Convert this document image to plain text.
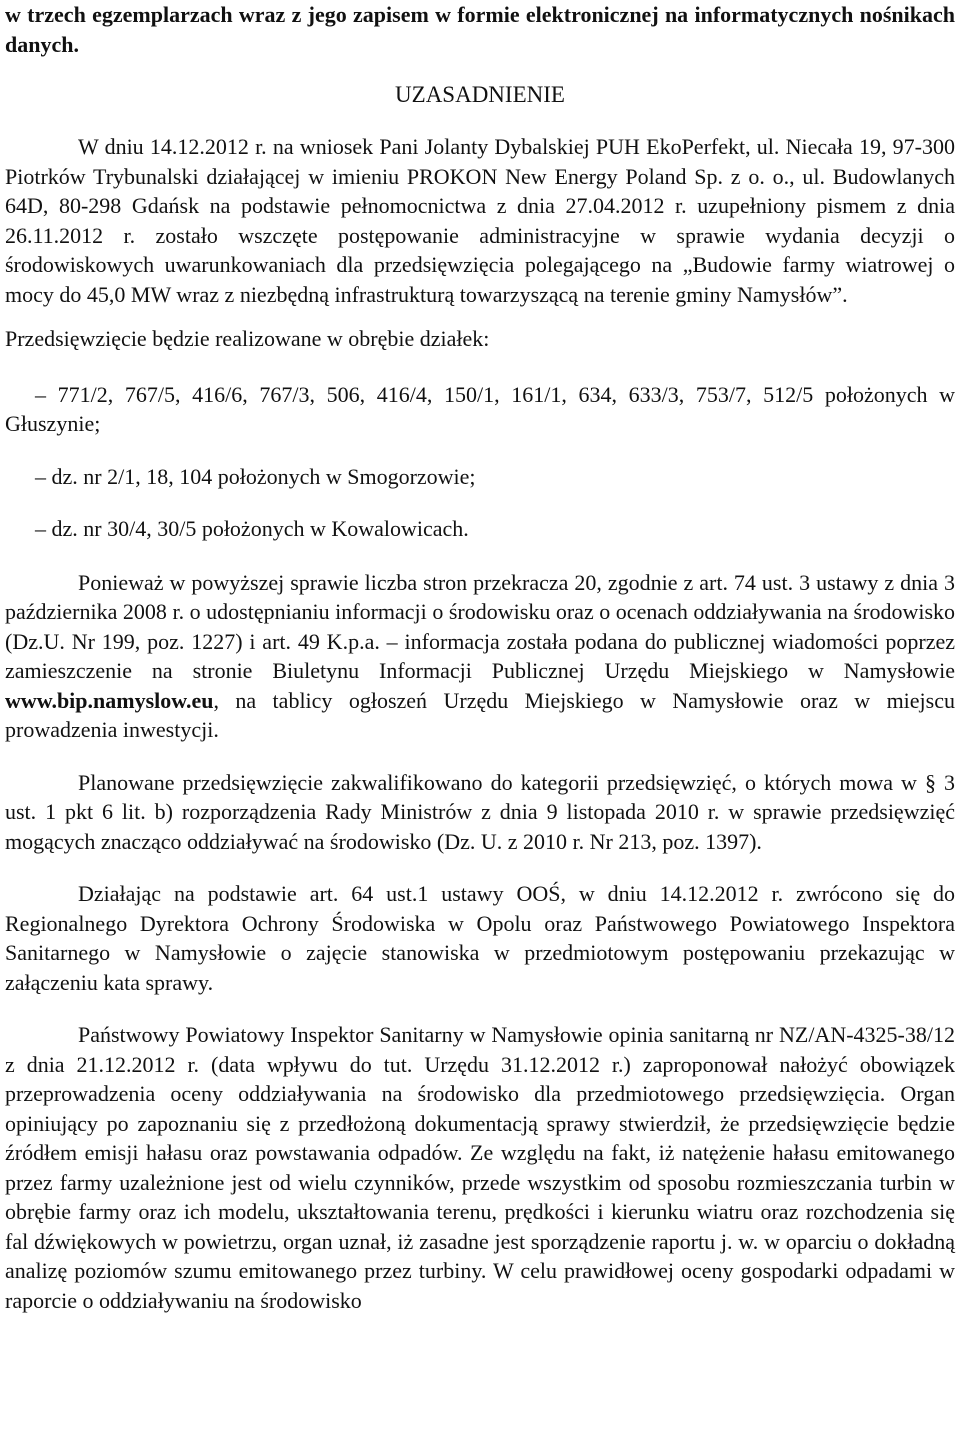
w trzech egzemplarzach wraz z jego zapisem w formie elektronicznej na informatycznych nośnikach danych.

UZASADNIENIE

W dniu 14.12.2012 r. na wniosek Pani Jolanty Dybalskiej PUH EkoPerfekt, ul. Niecała 19, 97-300 Piotrków Trybunalski działającej w imieniu PROKON New Energy Poland Sp. z o. o., ul. Budowlanych 64D, 80-298 Gdańsk na podstawie pełnomocnictwa z dnia 27.04.2012 r. uzupełniony pismem z dnia 26.11.2012 r. zostało wszczęte postępowanie administracyjne w sprawie wydania decyzji o środowiskowych uwarunkowaniach dla przedsięwzięcia polegającego na „Budowie farmy wiatrowej o mocy do 45,0 MW wraz z niezbędną infrastrukturą towarzyszącą na terenie gminy Namysłów”.

Przedsięwzięcie będzie realizowane w obrębie działek:

– 771/2, 767/5, 416/6, 767/3, 506, 416/4, 150/1, 161/1, 634, 633/3, 753/7, 512/5 położonych w Głuszynie;

– dz. nr 2/1, 18, 104 położonych w Smogorzowie;

– dz. nr 30/4, 30/5 położonych w Kowalowicach.

Ponieważ w powyższej sprawie liczba stron przekracza 20, zgodnie z art. 74 ust. 3 ustawy z dnia 3 października 2008 r. o udostępnianiu informacji o środowisku oraz o ocenach oddziaływania na środowisko (Dz.U. Nr 199, poz. 1227) i art. 49 K.p.a. – informacja została podana do publicznej wiadomości poprzez zamieszczenie na stronie Biuletynu Informacji Publicznej Urzędu Miejskiego w Namysłowie www.bip.namyslow.eu, na tablicy ogłoszeń Urzędu Miejskiego w Namysłowie oraz w miejscu prowadzenia inwestycji.

Planowane przedsięwzięcie zakwalifikowano do kategorii przedsięwzięć, o których mowa w § 3 ust. 1 pkt 6 lit. b) rozporządzenia Rady Ministrów z dnia 9 listopada 2010 r. w sprawie przedsięwzięć mogących znacząco oddziaływać na środowisko (Dz. U. z 2010 r. Nr 213, poz. 1397).

Działając na podstawie art. 64 ust.1 ustawy OOŚ, w dniu 14.12.2012 r. zwrócono się do Regionalnego Dyrektora Ochrony Środowiska w Opolu oraz Państwowego Powiatowego Inspektora Sanitarnego w Namysłowie o zajęcie stanowiska w przedmiotowym postępowaniu przekazując w załączeniu kata sprawy.

Państwowy Powiatowy Inspektor Sanitarny w Namysłowie opinia sanitarną nr NZ/AN-4325-38/12 z dnia 21.12.2012 r. (data wpływu do tut. Urzędu 31.12.2012 r.) zaproponował nałożyć obowiązek przeprowadzenia oceny oddziaływania na środowisko dla przedmiotowego przedsięwzięcia. Organ opiniujący po zapoznaniu się z przedłożoną dokumentacją sprawy stwierdził, że przedsięwzięcie będzie źródłem emisji hałasu oraz powstawania odpadów. Ze względu na fakt, iż natężenie hałasu emitowanego przez farmy uzależnione jest od wielu czynników, przede wszystkim od sposobu rozmieszczania turbin w obrębie farmy oraz ich modelu, ukształtowania terenu, prędkości i kierunku wiatru oraz rozchodzenia się fal dźwiękowych w powietrzu, organ uznał, iż zasadne jest sporządzenie raportu j. w. w oparciu o dokładną analizę poziomów szumu emitowanego przez turbiny. W celu prawidłowej oceny gospodarki odpadami w raporcie o oddziaływaniu na środowisko
